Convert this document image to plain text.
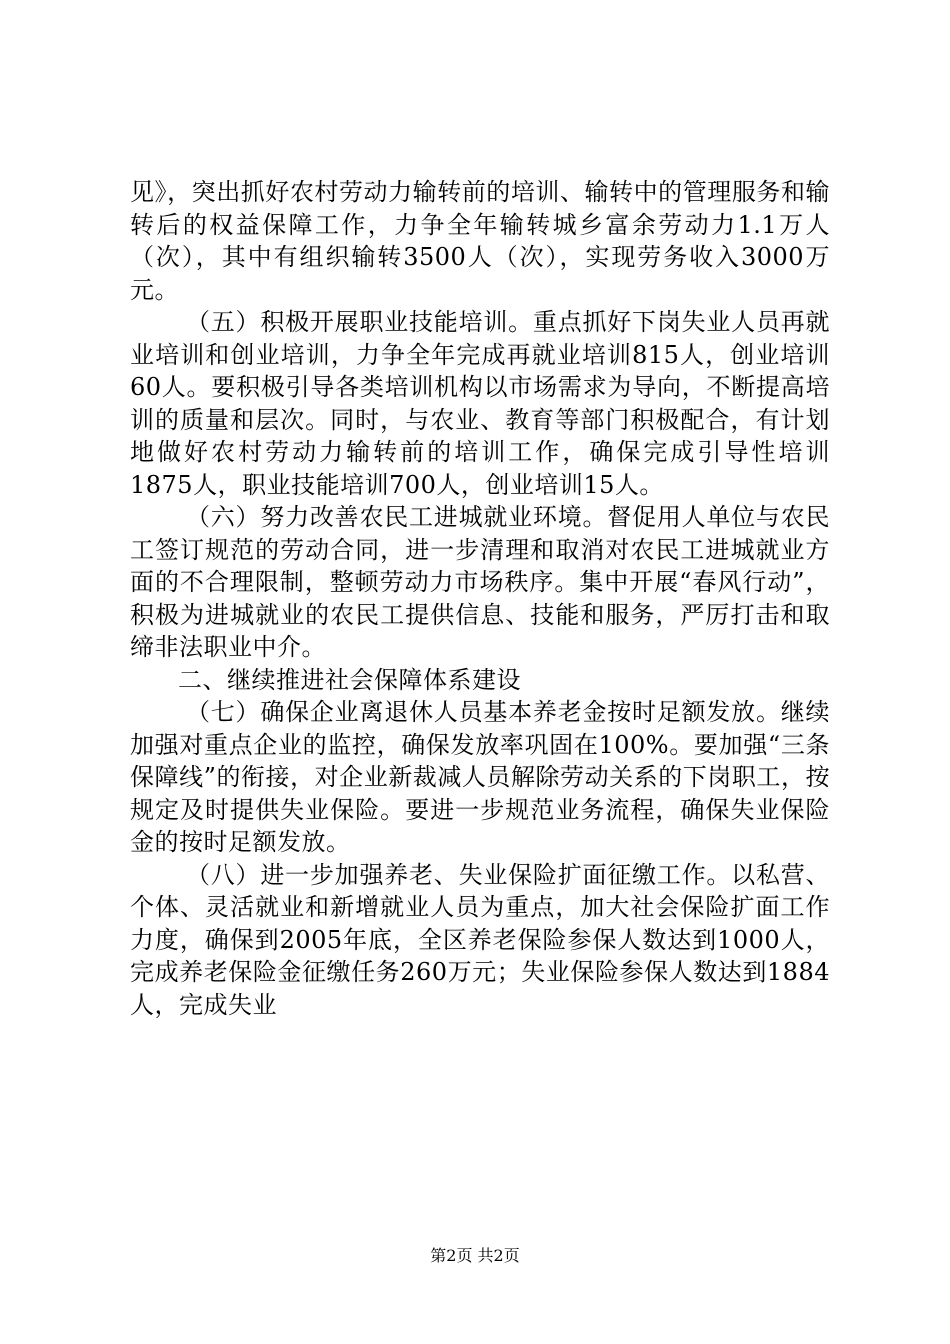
见》，突出抓好农村劳动力输转前的培训、输转中的管理服务和输转后的权益保障工作，力争全年输转城乡富余劳动力1.1万人（次），其中有组织输转3500人（次），实现劳务收入3000万元。

（五）积极开展职业技能培训。重点抓好下岗失业人员再就业培训和创业培训，力争全年完成再就业培训815人，创业培训60人。要积极引导各类培训机构以市场需求为导向，不断提高培训的质量和层次。同时，与农业、教育等部门积极配合，有计划地做好农村劳动力输转前的培训工作，确保完成引导性培训1875人，职业技能培训700人，创业培训15人。

（六）努力改善农民工进城就业环境。督促用人单位与农民工签订规范的劳动合同，进一步清理和取消对农民工进城就业方面的不合理限制，整顿劳动力市场秩序。集中开展“春风行动”，积极为进城就业的农民工提供信息、技能和服务，严厉打击和取缔非法职业中介。

二、继续推进社会保障体系建设

（七）确保企业离退休人员基本养老金按时足额发放。继续加强对重点企业的监控，确保发放率巩固在100%。要加强“三条保障线”的衔接，对企业新裁减人员解除劳动关系的下岗职工，按规定及时提供失业保险。要进一步规范业务流程，确保失业保险金的按时足额发放。

（八）进一步加强养老、失业保险扩面征缴工作。以私营、个体、灵活就业和新增就业人员为重点，加大社会保险扩面工作力度，确保到2005年底，全区养老保险参保人数达到1000人，完成养老保险金征缴任务260万元；失业保险参保人数达到1884人，完成失业

第2页 共2页
